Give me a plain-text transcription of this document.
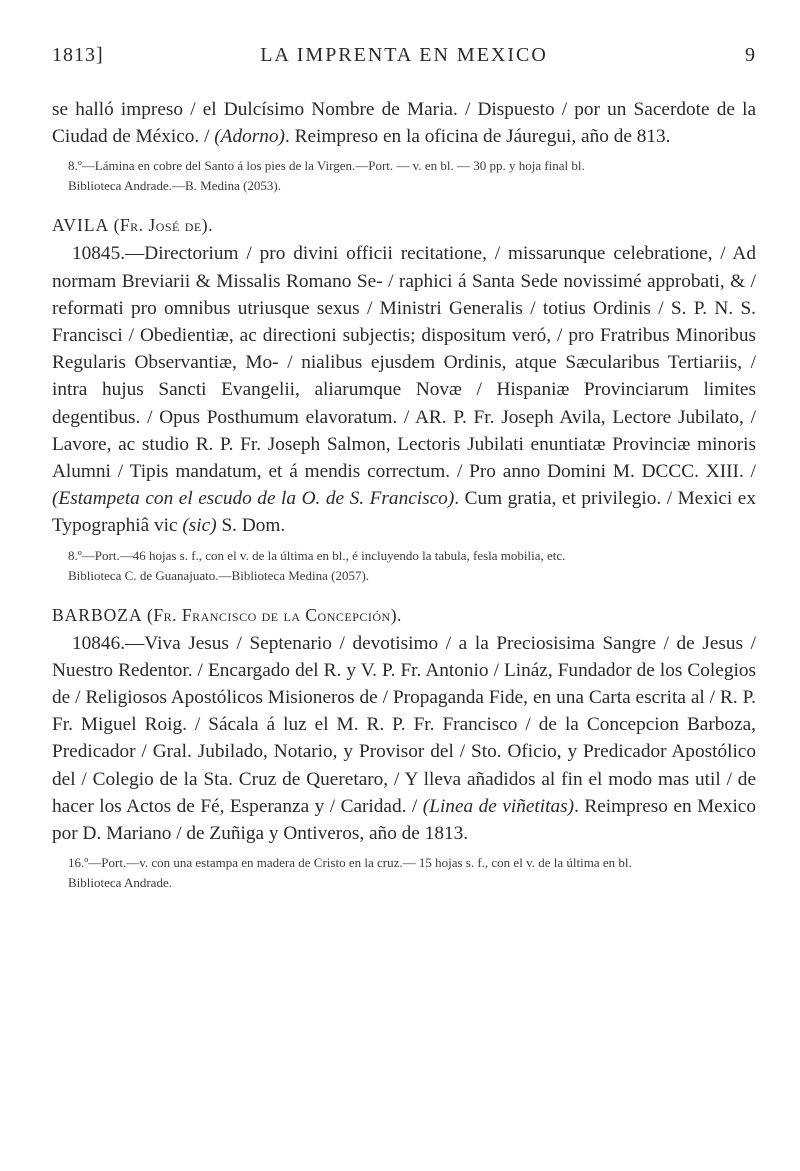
1813]	LA IMPRENTA EN MEXICO	9

se halló impreso / el Dulcísimo Nombre de Maria. / Dispuesto / por un Sacerdote de la Ciudad de México. / (Adorno). Reimpreso en la oficina de Jáuregui, año de 813.

8.º—Lámina en cobre del Santo á los pies de la Virgen.—Port. — v. en bl. — 30 pp. y hoja final bl.

Biblioteca Andrade.—B. Medina (2053).

AVILA (Fr. José de).

10845.—Directorium / pro divini officii recitatione, / missarunque celebratione, / Ad normam Breviarii & Missalis Romano Se- / raphici á Santa Sede novissimé approbati, & / reformati pro omnibus utriusque sexus / Ministri Generalis / totius Ordinis / S. P. N. S. Francisci / Obedientiæ, ac directioni subjectis; dispositum veró, / pro Fratribus Minoribus Regularis Observantiæ, Mo- / nialibus ejusdem Ordinis, atque Sæcularibus Tertiariis, / intra hujus Sancti Evangelii, aliarumque Novæ / Hispaniæ Provinciarum limites degentibus. / Opus Posthumum elavoratum. / AR. P. Fr. Joseph Avila, Lectore Jubilato, / Lavore, ac studio R. P. Fr. Joseph Salmon, Lectoris Jubilati enuntiatæ Provinciæ minoris Alumni / Tipis mandatum, et á mendis correctum. / Pro anno Domini M. DCCC. XIII. / (Estampeta con el escudo de la O. de S. Francisco). Cum gratia, et privilegio. / Mexici ex Typographiâ vic (sic) S. Dom.

8.º—Port.—46 hojas s. f., con el v. de la última en bl., é incluyendo la tabula, fesla mobilia, etc.

Biblioteca C. de Guanajuato.—Biblioteca Medina (2057).

BARBOZA (Fr. Francisco de la Concepción).

10846.—Viva Jesus / Septenario / devotisimo / a la Preciosisima Sangre / de Jesus / Nuestro Redentor. / Encargado del R. y V. P. Fr. Antonio / Lináz, Fundador de los Colegios de / Religiosos Apostólicos Misioneros de / Propaganda Fide, en una Carta escrita al / R. P. Fr. Miguel Roig. / Sácala á luz el M. R. P. Fr. Francisco / de la Concepcion Barboza, Predicador / Gral. Jubilado, Notario, y Provisor del / Sto. Oficio, y Predicador Apostólico del / Colegio de la Sta. Cruz de Queretaro, / Y lleva añadidos al fin el modo mas util / de hacer los Actos de Fé, Esperanza y / Caridad. / (Linea de viñetitas). Reimpreso en Mexico por D. Mariano / de Zuñiga y Ontiveros, año de 1813.

16.º—Port.—v. con una estampa en madera de Cristo en la cruz.— 15 hojas s. f., con el v. de la última en bl.

Biblioteca Andrade.
